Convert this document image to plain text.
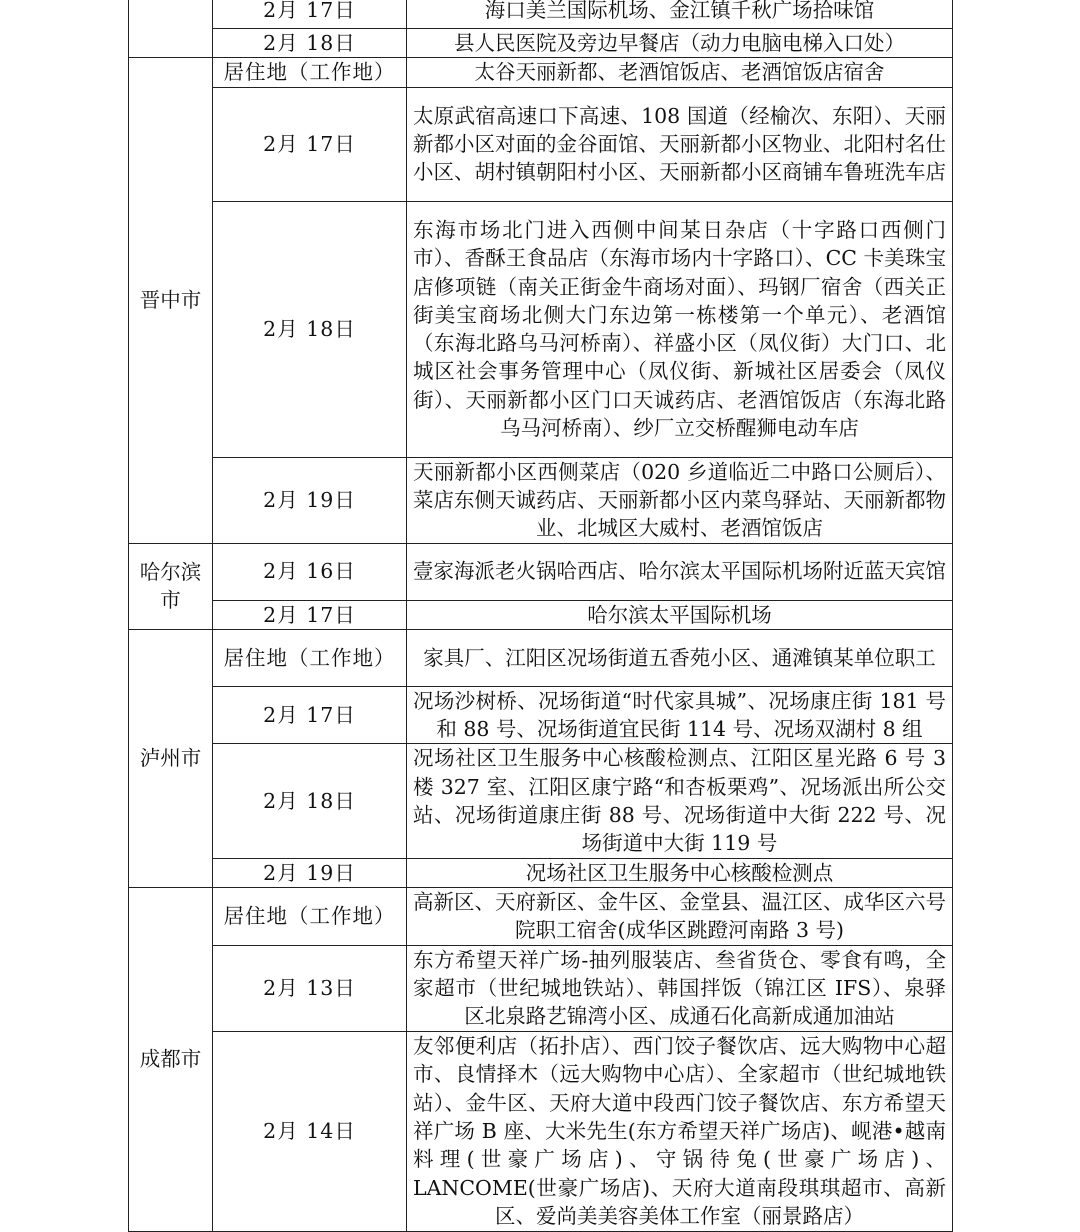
	2月 17日	海口美兰国际机场、金江镇千秋广场拾味馆
	2月 18日	县人民医院及旁边早餐店（动力电脑电梯入口处）
晋中市	居住地（工作地）	太谷天丽新都、老酒馆饭店、老酒馆饭店宿舍
	2月 17日	太原武宿高速口下高速、108 国道（经榆次、东阳）、天丽新都小区对面的金谷面馆、天丽新都小区物业、北阳村名仕小区、胡村镇朝阳村小区、天丽新都小区商铺车鲁班洗车店
	2月 18日	东海市场北门进入西侧中间某日杂店（十字路口西侧门市）、香酥王食品店（东海市场内十字路口）、CC 卡美珠宝店修项链（南关正街金牛商场对面）、玛钢厂宿舍（西关正街美宝商场北侧大门东边第一栋楼第一个单元）、老酒馆（东海北路乌马河桥南）、祥盛小区（凤仪街）大门口、北城区社会事务管理中心（凤仪街、新城社区居委会（凤仪街）、天丽新都小区门口天诚药店、老酒馆饭店（东海北路乌马河桥南）、纱厂立交桥醒狮电动车店
	2月 19日	天丽新都小区西侧菜店（020 乡道临近二中路口公厕后）、菜店东侧天诚药店、天丽新都小区内菜鸟驿站、天丽新都物业、北城区大威村、老酒馆饭店
哈尔滨市	2月 16日	壹家海派老火锅哈西店、哈尔滨太平国际机场附近蓝天宾馆
	2月 17日	哈尔滨太平国际机场
泸州市	居住地（工作地）	家具厂、江阳区况场街道五香苑小区、通滩镇某单位职工
	2月 17日	况场沙树桥、况场街道“时代家具城”、况场康庄街 181 号和 88 号、况场街道宜民街 114 号、况场双湖村 8 组
	2月 18日	况场社区卫生服务中心核酸检测点、江阳区星光路 6 号 3 楼 327 室、江阳区康宁路“和杏板栗鸡”、况场派出所公交站、况场街道康庄街 88 号、况场街道中大街 222 号、况场街道中大街 119 号
	2月 19日	况场社区卫生服务中心核酸检测点
成都市	居住地（工作地）	高新区、天府新区、金牛区、金堂县、温江区、成华区六号院职工宿舍(成华区跳蹬河南路 3 号)
	2月 13日	东方希望天祥广场-抽列服装店、叁省货仓、零食有鸣，全家超市（世纪城地铁站）、韩国拌饭（锦江区 IFS）、泉驿区北泉路艺锦湾小区、成通石化高新成通加油站
	2月 14日	友邻便利店（拓扑店）、西门饺子餐饮店、远大购物中心超市、良情择木（远大购物中心店）、全家超市（世纪城地铁站）、金牛区、天府大道中段西门饺子餐饮店、东方希望天祥广场 B 座、大米先生(东方希望天祥广场店)、岘港•越南料理(世豪广场店)、守锅待兔(世豪广场店)、LANCOME(世豪广场店)、天府大道南段琪琪超市、高新区、爱尚美美容美体工作室（丽景路店）
